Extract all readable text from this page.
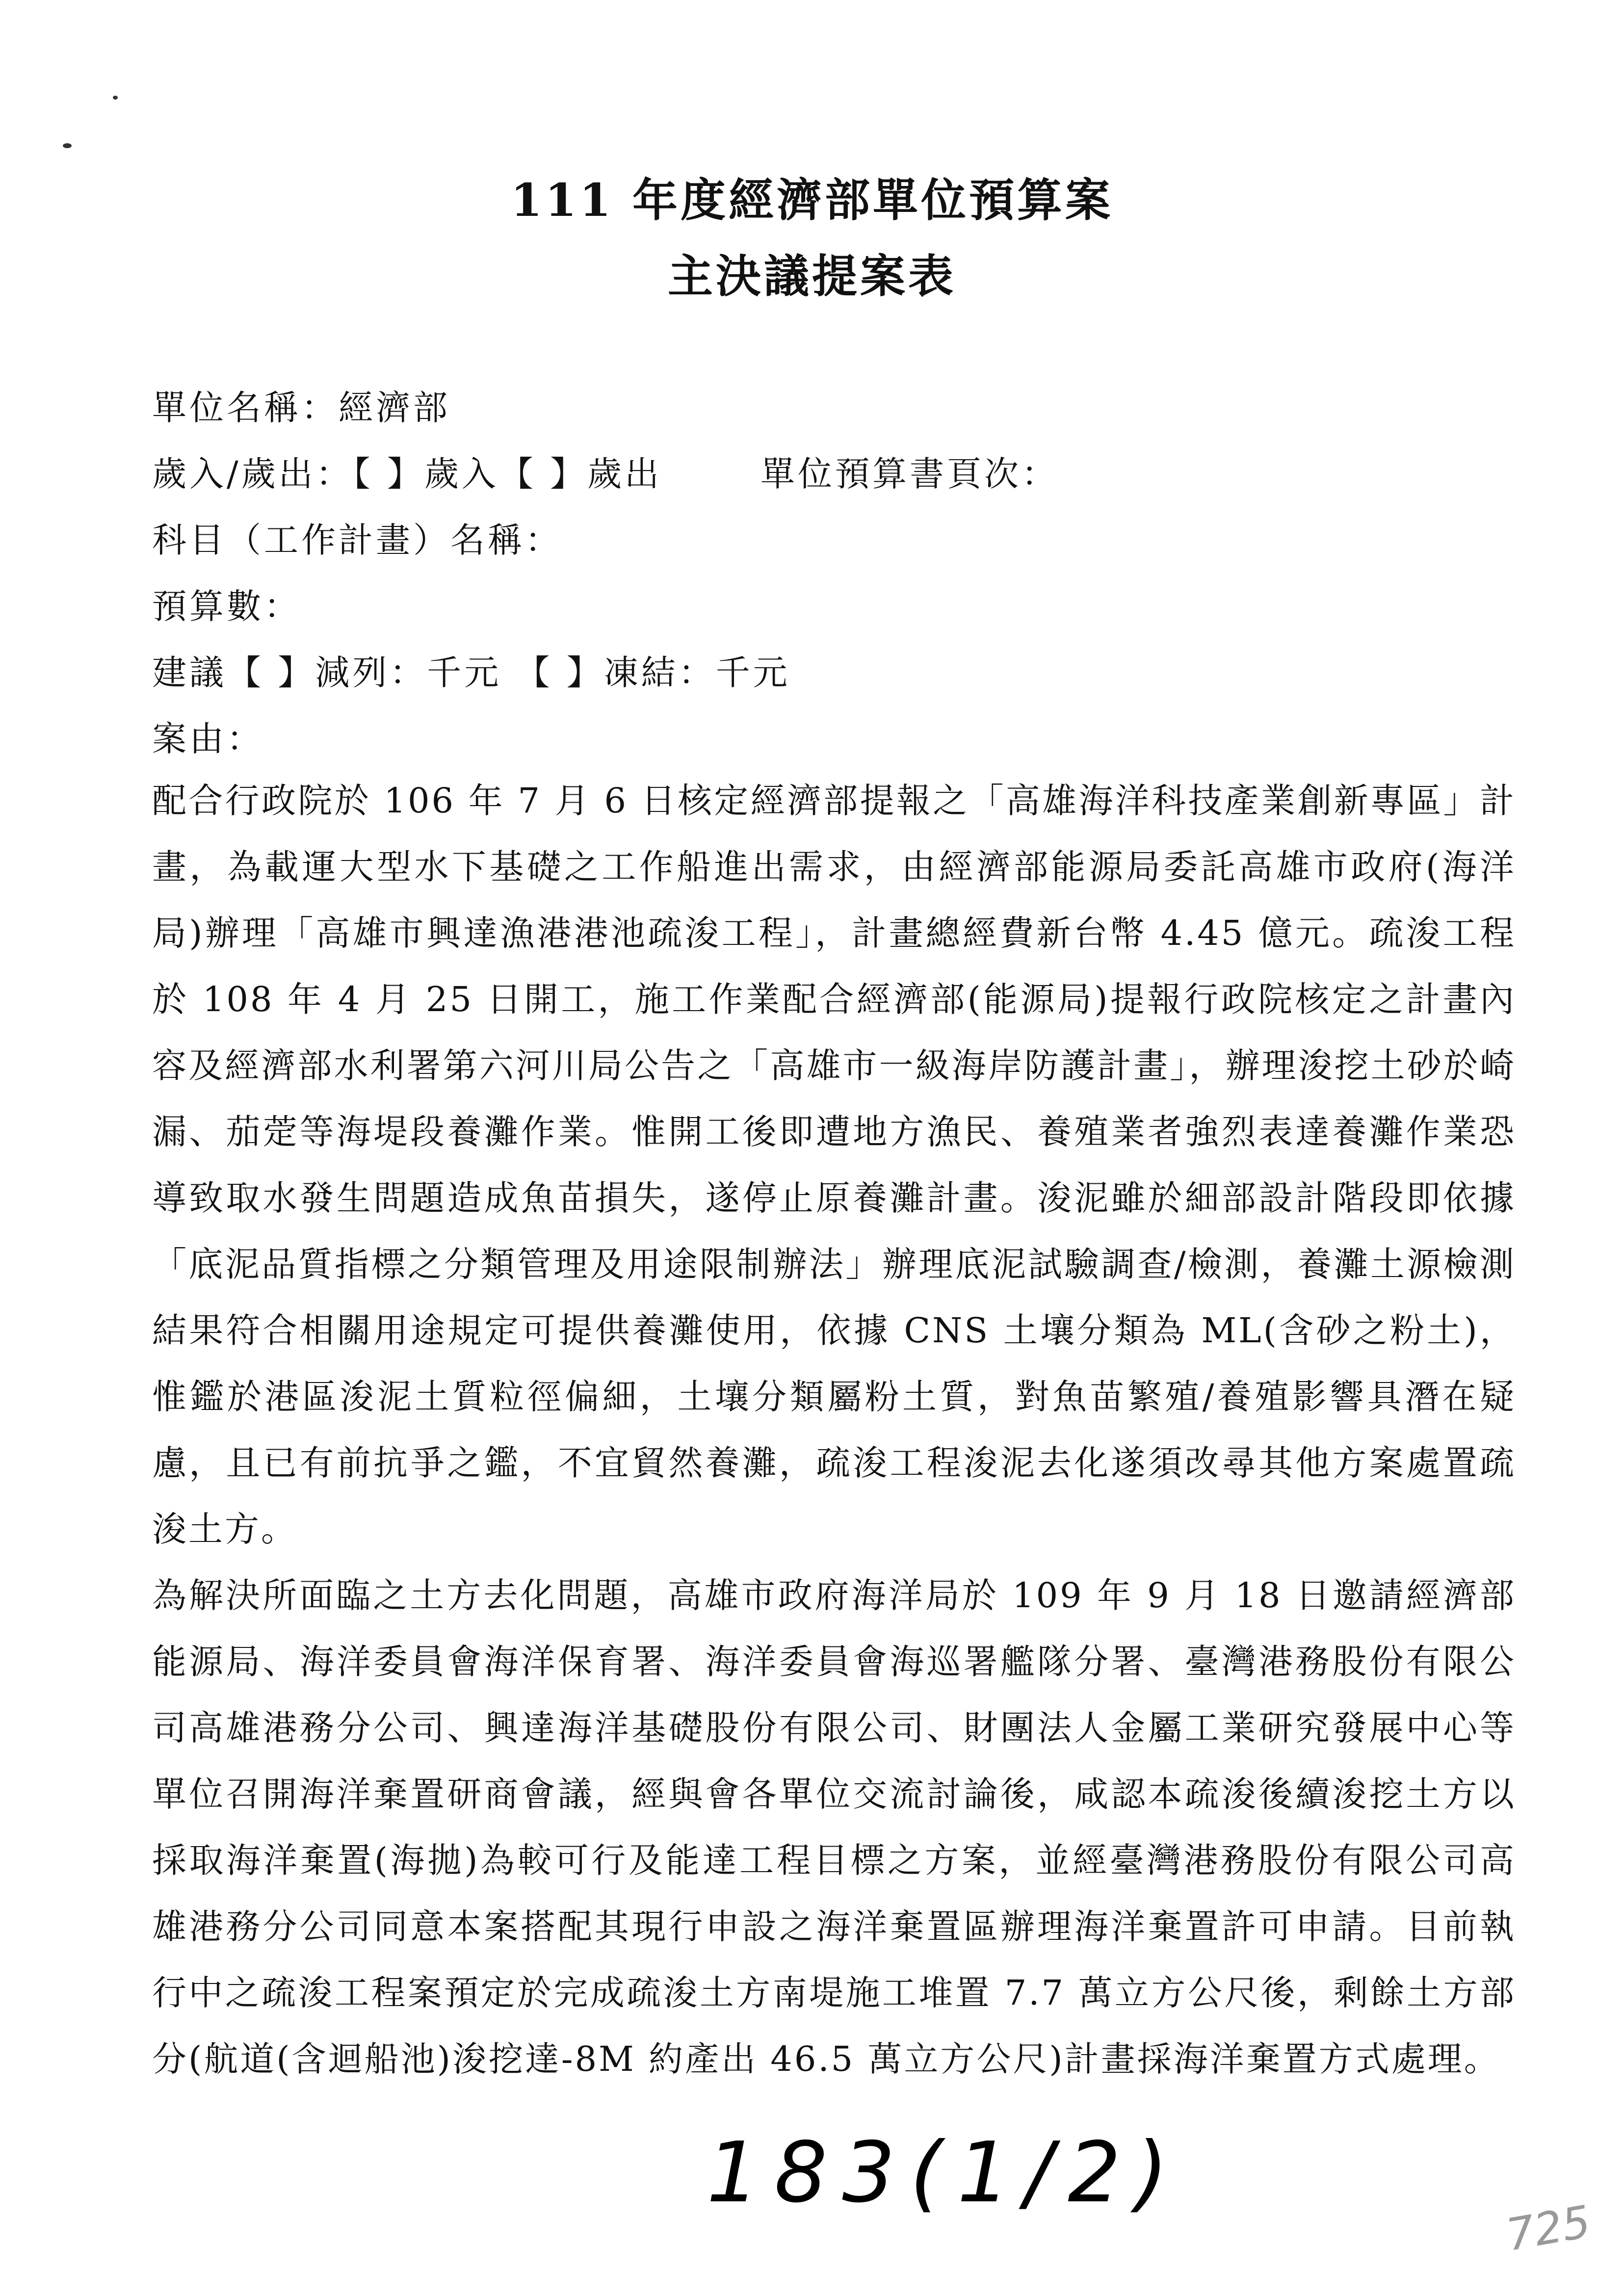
111 年度經濟部單位預算案
主決議提案表
單位名稱：經濟部
歲入/歲出：【 】歲入【 】歲出	單位預算書頁次：
科目（工作計畫）名稱：
預算數：
建議【 】減列：千元 【 】凍結：千元
案由：
配合行政院於 106 年 7 月 6 日核定經濟部提報之「高雄海洋科技產業創新專區」計畫，為載運大型水下基礎之工作船進出需求，由經濟部能源局委託高雄市政府(海洋局)辦理「高雄市興達漁港港池疏浚工程」，計畫總經費新台幣 4.45 億元。疏浚工程於 108 年 4 月 25 日開工，施工作業配合經濟部(能源局)提報行政院核定之計畫內容及經濟部水利署第六河川局公告之「高雄市一級海岸防護計畫」，辦理浚挖土砂於崎漏、茄萣等海堤段養灘作業。惟開工後即遭地方漁民、養殖業者強烈表達養灘作業恐導致取水發生問題造成魚苗損失，遂停止原養灘計畫。浚泥雖於細部設計階段即依據「底泥品質指標之分類管理及用途限制辦法」辦理底泥試驗調查/檢測，養灘土源檢測結果符合相關用途規定可提供養灘使用，依據 CNS 土壤分類為 ML(含砂之粉土)，惟鑑於港區浚泥土質粒徑偏細，土壤分類屬粉土質，對魚苗繁殖/養殖影響具潛在疑慮，且已有前抗爭之鑑，不宜貿然養灘，疏浚工程浚泥去化遂須改尋其他方案處置疏浚土方。
為解決所面臨之土方去化問題，高雄市政府海洋局於 109 年 9 月 18 日邀請經濟部能源局、海洋委員會海洋保育署、海洋委員會海巡署艦隊分署、臺灣港務股份有限公司高雄港務分公司、興達海洋基礎股份有限公司、財團法人金屬工業研究發展中心等單位召開海洋棄置研商會議，經與會各單位交流討論後，咸認本疏浚後續浚挖土方以採取海洋棄置(海拋)為較可行及能達工程目標之方案，並經臺灣港務股份有限公司高雄港務分公司同意本案搭配其現行申設之海洋棄置區辦理海洋棄置許可申請。目前執行中之疏浚工程案預定於完成疏浚土方南堤施工堆置 7.7 萬立方公尺後，剩餘土方部分(航道(含迴船池)浚挖達-8M 約產出 46.5 萬立方公尺)計畫採海洋棄置方式處理。
183(1/2)
725
